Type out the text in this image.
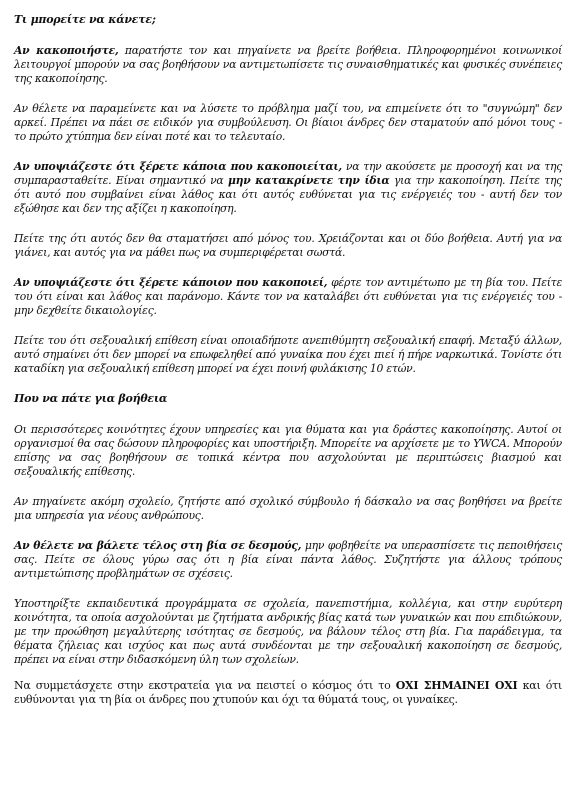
Τι μπορείτε να κάνετε;
Αν κακοποιήστε, παρατήστε τον και πηγαίνετε να βρείτε βοήθεια. Πληροφορημένοι κοινωνικοί λειτουργοί μπορούν να σας βοηθήσουν να αντιμετωπίσετε τις συναισθηματικές και φυσικές συνέπειες της κακοποίησης.
Αν θέλετε να παραμείνετε και να λύσετε το πρόβλημα μαζί του, να επιμείνετε ότι το "συγνώμη" δεν αρκεί. Πρέπει να πάει σε ειδικόν για συμβούλευση. Οι βίαιοι άνδρες δεν σταματούν από μόνοι τους - το πρώτο χτύπημα δεν είναι ποτέ και το τελευταίο.
Αν υποψιάζεστε ότι ξέρετε κάποια που κακοποιείται, να την ακούσετε με προσοχή και να της συμπαρασταθείτε. Είναι σημαντικό να μην κατακρίνετε την ίδια για την κακοποίηση. Πείτε της ότι αυτό που συμβαίνει είναι λάθος και ότι αυτός ευθύνεται για τις ενέργειές του - αυτή δεν τον εξώθησε και δεν της αξίζει η κακοποίηση.
Πείτε της ότι αυτός δεν θα σταματήσει από μόνος του. Χρειάζονται και οι δύο βοήθεια. Αυτή για να γιάνει, και αυτός για να μάθει πως να συμπεριφέρεται σωστά.
Αν υποψιάζεστε ότι ξέρετε κάποιον που κακοποιεί, φέρτε τον αντιμέτωπο με τη βία του. Πείτε του ότι είναι και λάθος και παράνομο. Κάντε τον να καταλάβει ότι ευθύνεται για τις ενέργειές του - μην δεχθείτε δικαιολογίες.
Πείτε του ότι σεξουαλική επίθεση είναι οποιαδήποτε ανεπιθύμητη σεξουαλική επαφή. Μεταξύ άλλων, αυτό σημαίνει ότι δεν μπορεί να επωφεληθεί από γυναίκα που έχει πιεί ή πήρε ναρκωτικά. Τονίστε ότι καταδίκη για σεξουαλική επίθεση μπορεί να έχει ποινή φυλάκισης 10 ετών.
Που να πάτε για βοήθεια
Οι περισσότερες κοινότητες έχουν υπηρεσίες και για θύματα και για δράστες κακοποίησης. Αυτοί οι οργανισμοί θα σας δώσουν πληροφορίες και υποστήριξη. Μπορείτε να αρχίσετε με το YWCA. Μπορούν επίσης να σας βοηθήσουν σε τοπικά κέντρα που ασχολούνται με περιπτώσεις βιασμού και σεξουαλικής επίθεσης.
Αν πηγαίνετε ακόμη σχολείο, ζητήστε από σχολικό σύμβουλο ή δάσκαλο να σας βοηθήσει να βρείτε μια υπηρεσία για νέους ανθρώπους.
Αν θέλετε να βάλετε τέλος στη βία σε δεσμούς, μην φοβηθείτε να υπερασπίσετε τις πεποιθήσεις σας. Πείτε σε όλους γύρω σας ότι η βία είναι πάντα λάθος. Συζητήστε για άλλους τρόπους αντιμετώπισης προβλημάτων σε σχέσεις.
Υποστηρίξτε εκπαιδευτικά προγράμματα σε σχολεία, πανεπιστήμια, κολλέγια, και στην ευρύτερη κοινότητα, τα οποία ασχολούνται με ζητήματα ανδρικής βίας κατά των γυναικών και που επιδιώκουν, με την προώθηση μεγαλύτερης ισότητας σε δεσμούς, να βάλουν τέλος στη βία. Για παράδειγμα, τα θέματα ζήλειας και ισχύος και πως αυτά συνδέονται με την σεξουαλική κακοποίηση σε δεσμούς, πρέπει να είναι στην διδασκόμενη ύλη των σχολείων.
Να συμμετάσχετε στην εκστρατεία για να πειστεί ο κόσμος ότι το ΟΧΙ ΣΗΜΑΙΝΕΙ ΟΧΙ και ότι ευθύνονται για τη βία οι άνδρες που χτυπούν και όχι τα θύματά τους, οι γυναίκες.
